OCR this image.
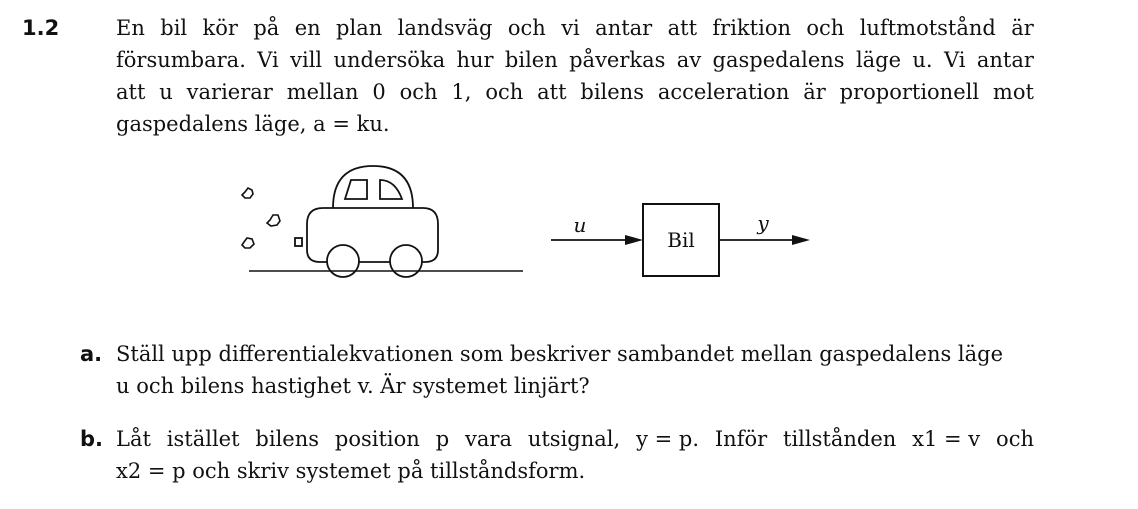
1.2	En bil kör på en plan landsväg och vi antar att friktion och luftmotstånd är
försumbara. Vi vill undersöka hur bilen påverkas av gaspedalens läge u. Vi antar
att u varierar mellan 0 och 1, och att bilens acceleration är proportionell mot
gaspedalens läge, a = ku.
u
Bil
y
a. Ställ upp differentialekvationen som beskriver sambandet mellan gaspedalens läge
u och bilens hastighet v. Är systemet linjärt?
b. Låt istället bilens position p vara utsignal, y = p. Inför tillstånden x1 = v och
x2 = p och skriv systemet på tillståndsform.
